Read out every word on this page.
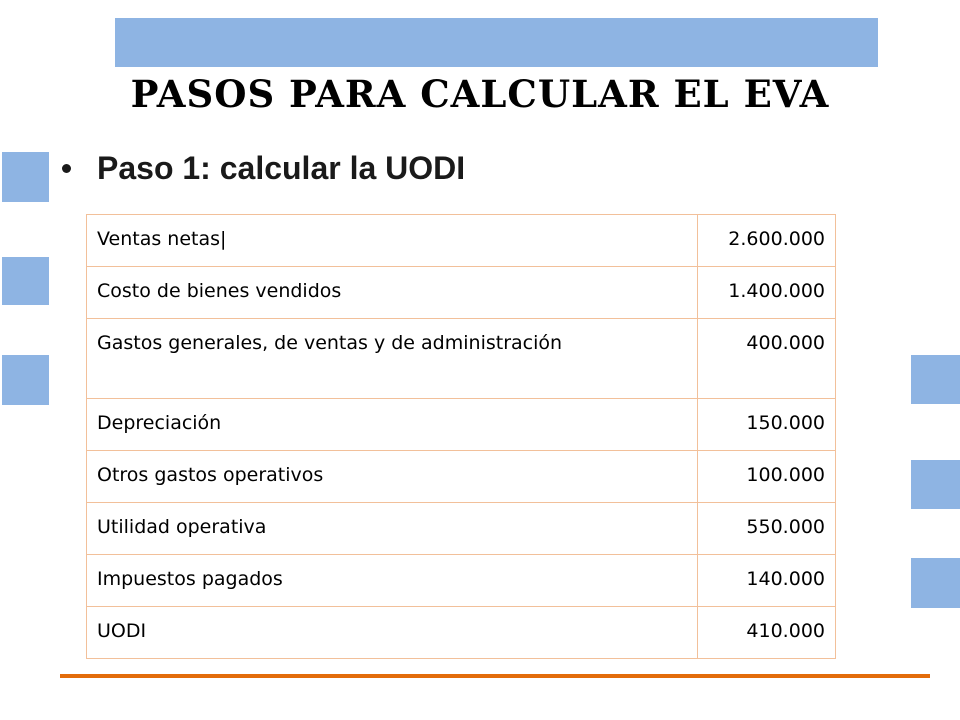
PASOS PARA CALCULAR EL EVA
Paso 1: calcular la UODI
Ventas netas|	2.600.000
Costo de bienes vendidos	1.400.000
Gastos generales, de ventas y de administración	400.000
Depreciación	150.000
Otros gastos operativos	100.000
Utilidad operativa	550.000
Impuestos pagados	140.000
UODI	410.000
